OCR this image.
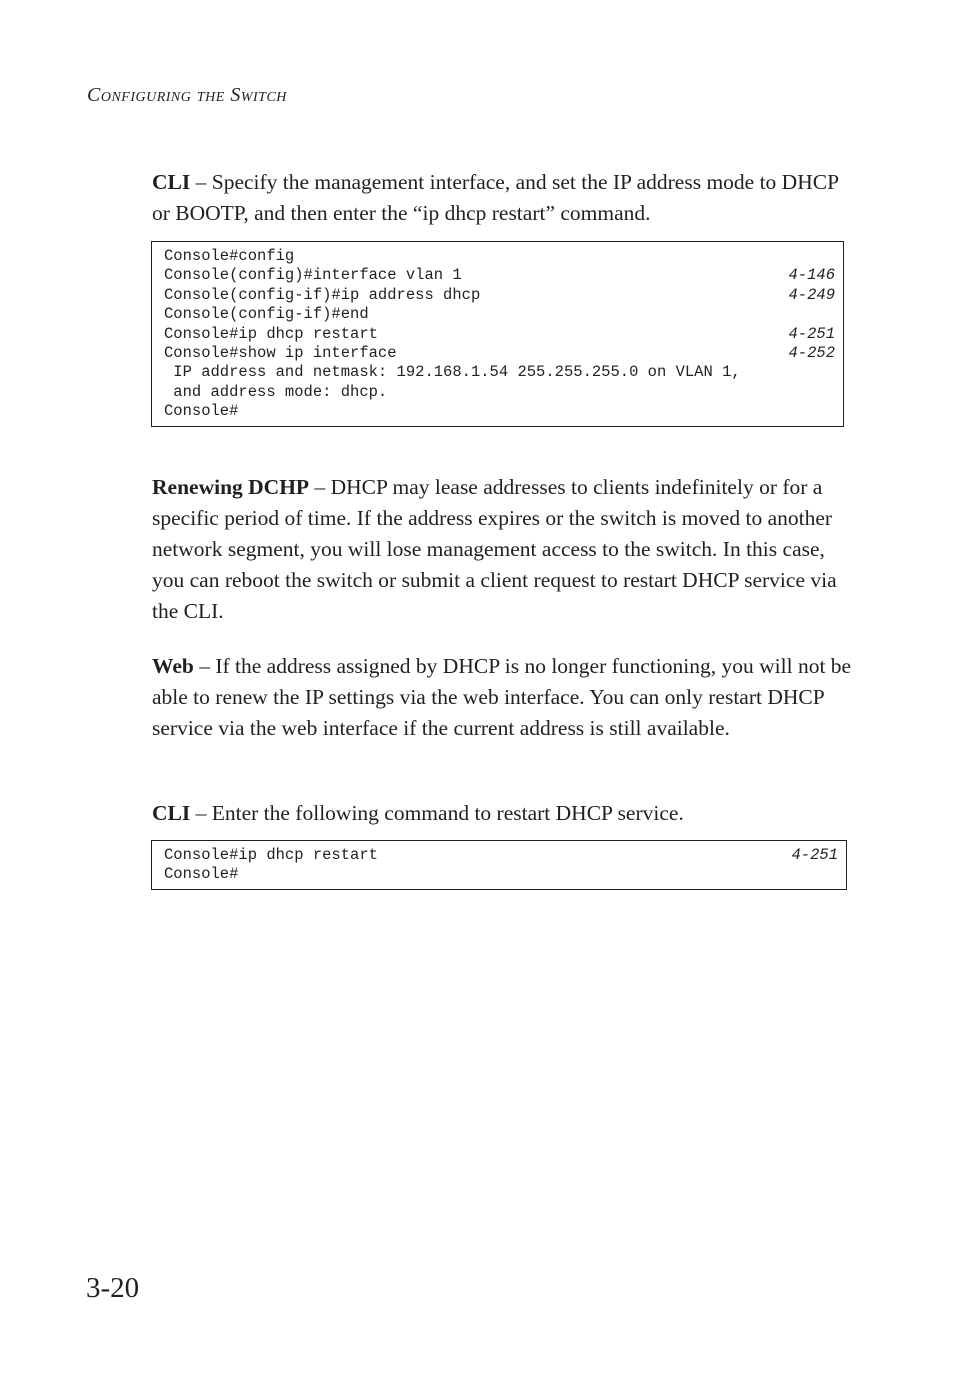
Configuring the Switch

CLI – Specify the management interface, and set the IP address mode to DHCP or BOOTP, and then enter the “ip dhcp restart” command.

Console#config
Console(config)#interface vlan 1	4-146
Console(config-if)#ip address dhcp	4-249
Console(config-if)#end
Console#ip dhcp restart	4-251
Console#show ip interface	4-252
IP address and netmask: 192.168.1.54 255.255.255.0 on VLAN 1,
and address mode: dhcp.
Console#

Renewing DCHP – DHCP may lease addresses to clients indefinitely or for a specific period of time. If the address expires or the switch is moved to another network segment, you will lose management access to the switch. In this case, you can reboot the switch or submit a client request to restart DHCP service via the CLI.

Web – If the address assigned by DHCP is no longer functioning, you will not be able to renew the IP settings via the web interface. You can only restart DHCP service via the web interface if the current address is still available.

CLI – Enter the following command to restart DHCP service.

Console#ip dhcp restart	4-251
Console#
3-20
